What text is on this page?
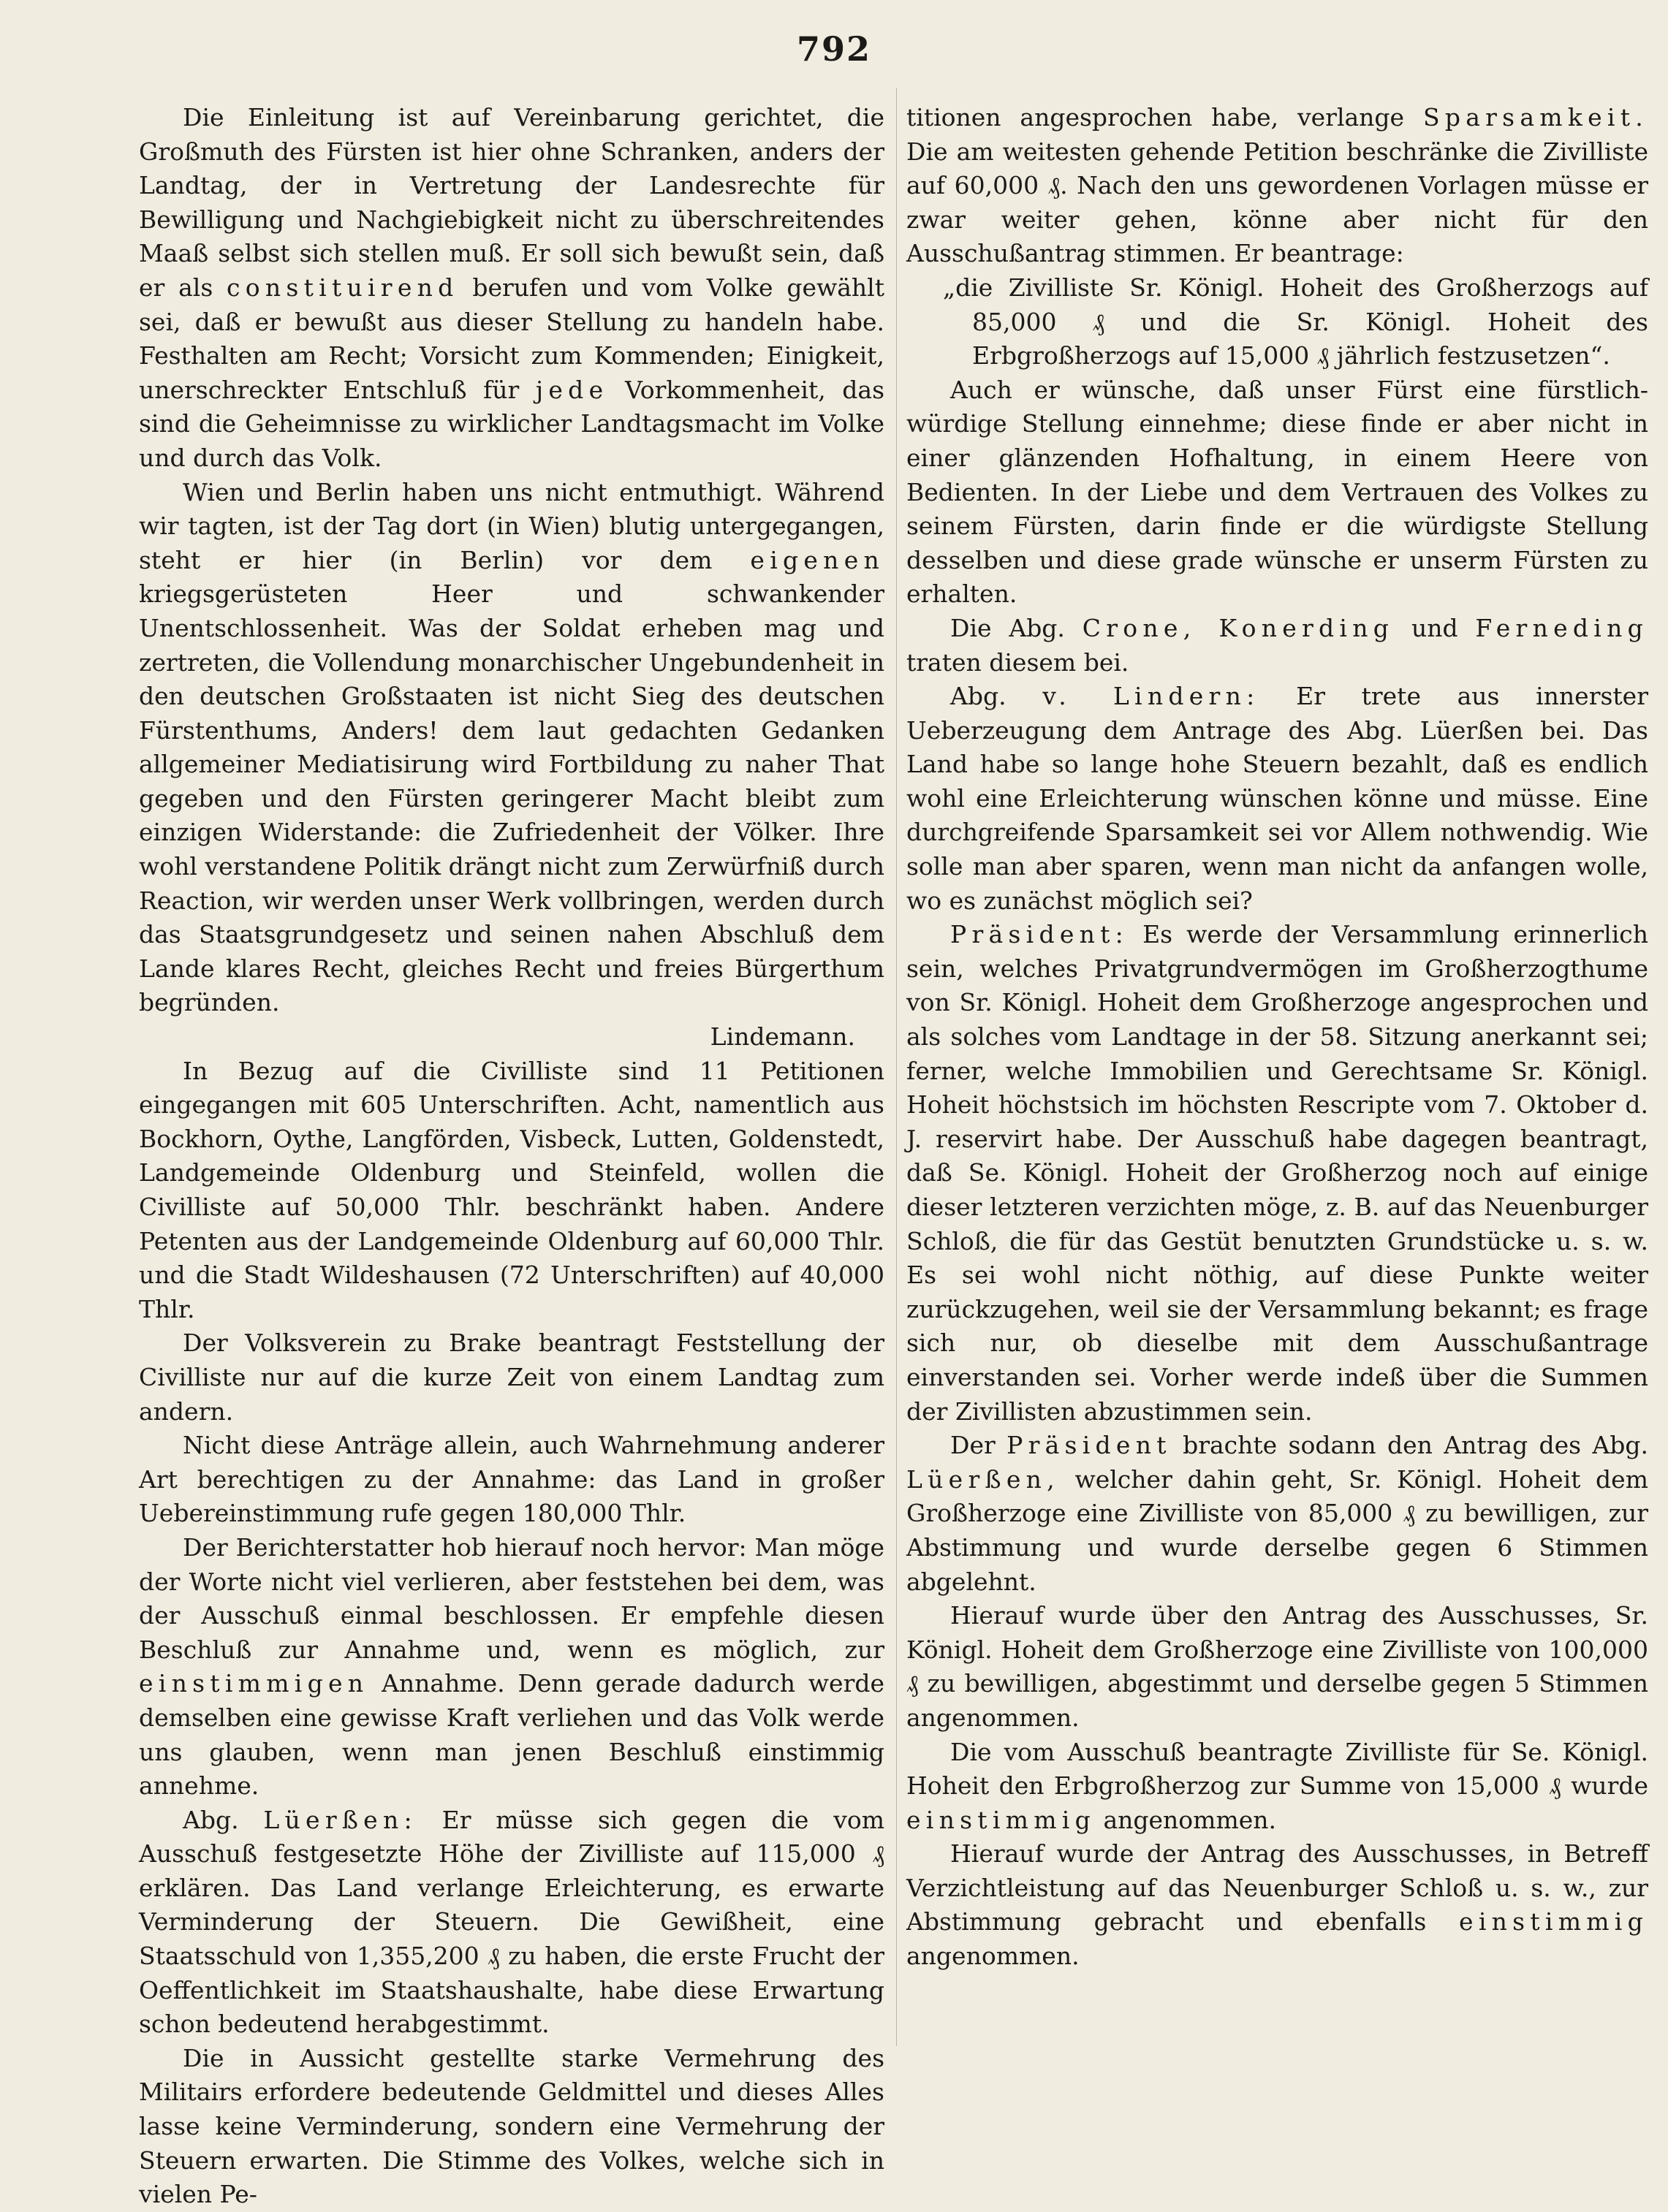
792

Die Einleitung ist auf Vereinbarung gerichtet, die Großmuth des Fürsten ist hier ohne Schranken, anders der Landtag, der in Vertretung der Landesrechte für Bewilligung und Nachgiebigkeit nicht zu überschreitendes Maaß selbst sich stellen muß. Er soll sich bewußt sein, daß er als constituirend berufen und vom Volke gewählt sei, daß er bewußt aus dieser Stellung zu handeln habe. Festhalten am Recht; Vorsicht zum Kommenden; Einigkeit, unerschreckter Entschluß für jede Vorkommenheit, das sind die Geheimnisse zu wirklicher Landtagsmacht im Volke und durch das Volk.

Wien und Berlin haben uns nicht entmuthigt. Während wir tagten, ist der Tag dort (in Wien) blutig untergegangen, steht er hier (in Berlin) vor dem eigenen kriegsgerüsteten Heer und schwankender Unentschlossenheit. Was der Soldat erheben mag und zertreten, die Vollendung monarchischer Ungebundenheit in den deutschen Großstaaten ist nicht Sieg des deutschen Fürstenthums, Anders! dem laut gedachten Gedanken allgemeiner Mediatisirung wird Fortbildung zu naher That gegeben und den Fürsten geringerer Macht bleibt zum einzigen Widerstande: die Zufriedenheit der Völker. Ihre wohl verstandene Politik drängt nicht zum Zerwürfniß durch Reaction, wir werden unser Werk vollbringen, werden durch das Staatsgrundgesetz und seinen nahen Abschluß dem Lande klares Recht, gleiches Recht und freies Bürgerthum begründen.

Lindemann.

In Bezug auf die Civilliste sind 11 Petitionen eingegangen mit 605 Unterschriften. Acht, namentlich aus Bockhorn, Oythe, Langförden, Visbeck, Lutten, Goldenstedt, Landgemeinde Oldenburg und Steinfeld, wollen die Civilliste auf 50,000 Thlr. beschränkt haben. Andere Petenten aus der Landgemeinde Oldenburg auf 60,000 Thlr. und die Stadt Wildeshausen (72 Unterschriften) auf 40,000 Thlr.

Der Volksverein zu Brake beantragt Feststellung der Civilliste nur auf die kurze Zeit von einem Landtag zum andern.

Nicht diese Anträge allein, auch Wahrnehmung anderer Art berechtigen zu der Annahme: das Land in großer Uebereinstimmung rufe gegen 180,000 Thlr.

Der Berichterstatter hob hierauf noch hervor: Man möge der Worte nicht viel verlieren, aber feststehen bei dem, was der Ausschuß einmal beschlossen. Er empfehle diesen Beschluß zur Annahme und, wenn es möglich, zur einstimmigen Annahme. Denn gerade dadurch werde demselben eine gewisse Kraft verliehen und das Volk werde uns glauben, wenn man jenen Beschluß einstimmig annehme.

Abg. Lüerßen: Er müsse sich gegen die vom Ausschuß festgesetzte Höhe der Zivilliste auf 115,000 ₰ erklären. Das Land verlange Erleichterung, es erwarte Verminderung der Steuern. Die Gewißheit, eine Staatsschuld von 1,355,200 ₰ zu haben, die erste Frucht der Oeffentlichkeit im Staatshaushalte, habe diese Erwartung schon bedeutend herabgestimmt.

Die in Aussicht gestellte starke Vermehrung des Militairs erfordere bedeutende Geldmittel und dieses Alles lasse keine Verminderung, sondern eine Vermehrung der Steuern erwarten. Die Stimme des Volkes, welche sich in vielen Pe-

titionen angesprochen habe, verlange Sparsamkeit. Die am weitesten gehende Petition beschränke die Zivilliste auf 60,000 ₰. Nach den uns gewordenen Vorlagen müsse er zwar weiter gehen, könne aber nicht für den Ausschußantrag stimmen. Er beantrage:

„die Zivilliste Sr. Königl. Hoheit des Großherzogs auf 85,000 ₰ und die Sr. Königl. Hoheit des Erbgroßherzogs auf 15,000 ₰ jährlich festzusetzen“.

Auch er wünsche, daß unser Fürst eine fürstlich-würdige Stellung einnehme; diese finde er aber nicht in einer glänzenden Hofhaltung, in einem Heere von Bedienten. In der Liebe und dem Vertrauen des Volkes zu seinem Fürsten, darin finde er die würdigste Stellung desselben und diese grade wünsche er unserm Fürsten zu erhalten.

Die Abg. Crone, Konerding und Ferneding traten diesem bei.

Abg. v. Lindern: Er trete aus innerster Ueberzeugung dem Antrage des Abg. Lüerßen bei. Das Land habe so lange hohe Steuern bezahlt, daß es endlich wohl eine Erleichterung wünschen könne und müsse. Eine durchgreifende Sparsamkeit sei vor Allem nothwendig. Wie solle man aber sparen, wenn man nicht da anfangen wolle, wo es zunächst möglich sei?

Präsident: Es werde der Versammlung erinnerlich sein, welches Privatgrundvermögen im Großherzogthume von Sr. Königl. Hoheit dem Großherzoge angesprochen und als solches vom Landtage in der 58. Sitzung anerkannt sei; ferner, welche Immobilien und Gerechtsame Sr. Königl. Hoheit höchstsich im höchsten Rescripte vom 7. Oktober d. J. reservirt habe. Der Ausschuß habe dagegen beantragt, daß Se. Königl. Hoheit der Großherzog noch auf einige dieser letzteren verzichten möge, z. B. auf das Neuenburger Schloß, die für das Gestüt benutzten Grundstücke u. s. w. Es sei wohl nicht nöthig, auf diese Punkte weiter zurückzugehen, weil sie der Versammlung bekannt; es frage sich nur, ob dieselbe mit dem Ausschußantrage einverstanden sei. Vorher werde indeß über die Summen der Zivillisten abzustimmen sein.

Der Präsident brachte sodann den Antrag des Abg. Lüerßen, welcher dahin geht, Sr. Königl. Hoheit dem Großherzoge eine Zivilliste von 85,000 ₰ zu bewilligen, zur Abstimmung und wurde derselbe gegen 6 Stimmen abgelehnt.

Hierauf wurde über den Antrag des Ausschusses, Sr. Königl. Hoheit dem Großherzoge eine Zivilliste von 100,000 ₰ zu bewilligen, abgestimmt und derselbe gegen 5 Stimmen angenommen.

Die vom Ausschuß beantragte Zivilliste für Se. Königl. Hoheit den Erbgroßherzog zur Summe von 15,000 ₰ wurde einstimmig angenommen.

Hierauf wurde der Antrag des Ausschusses, in Betreff Verzichtleistung auf das Neuenburger Schloß u. s. w., zur Abstimmung gebracht und ebenfalls einstimmig angenommen.
